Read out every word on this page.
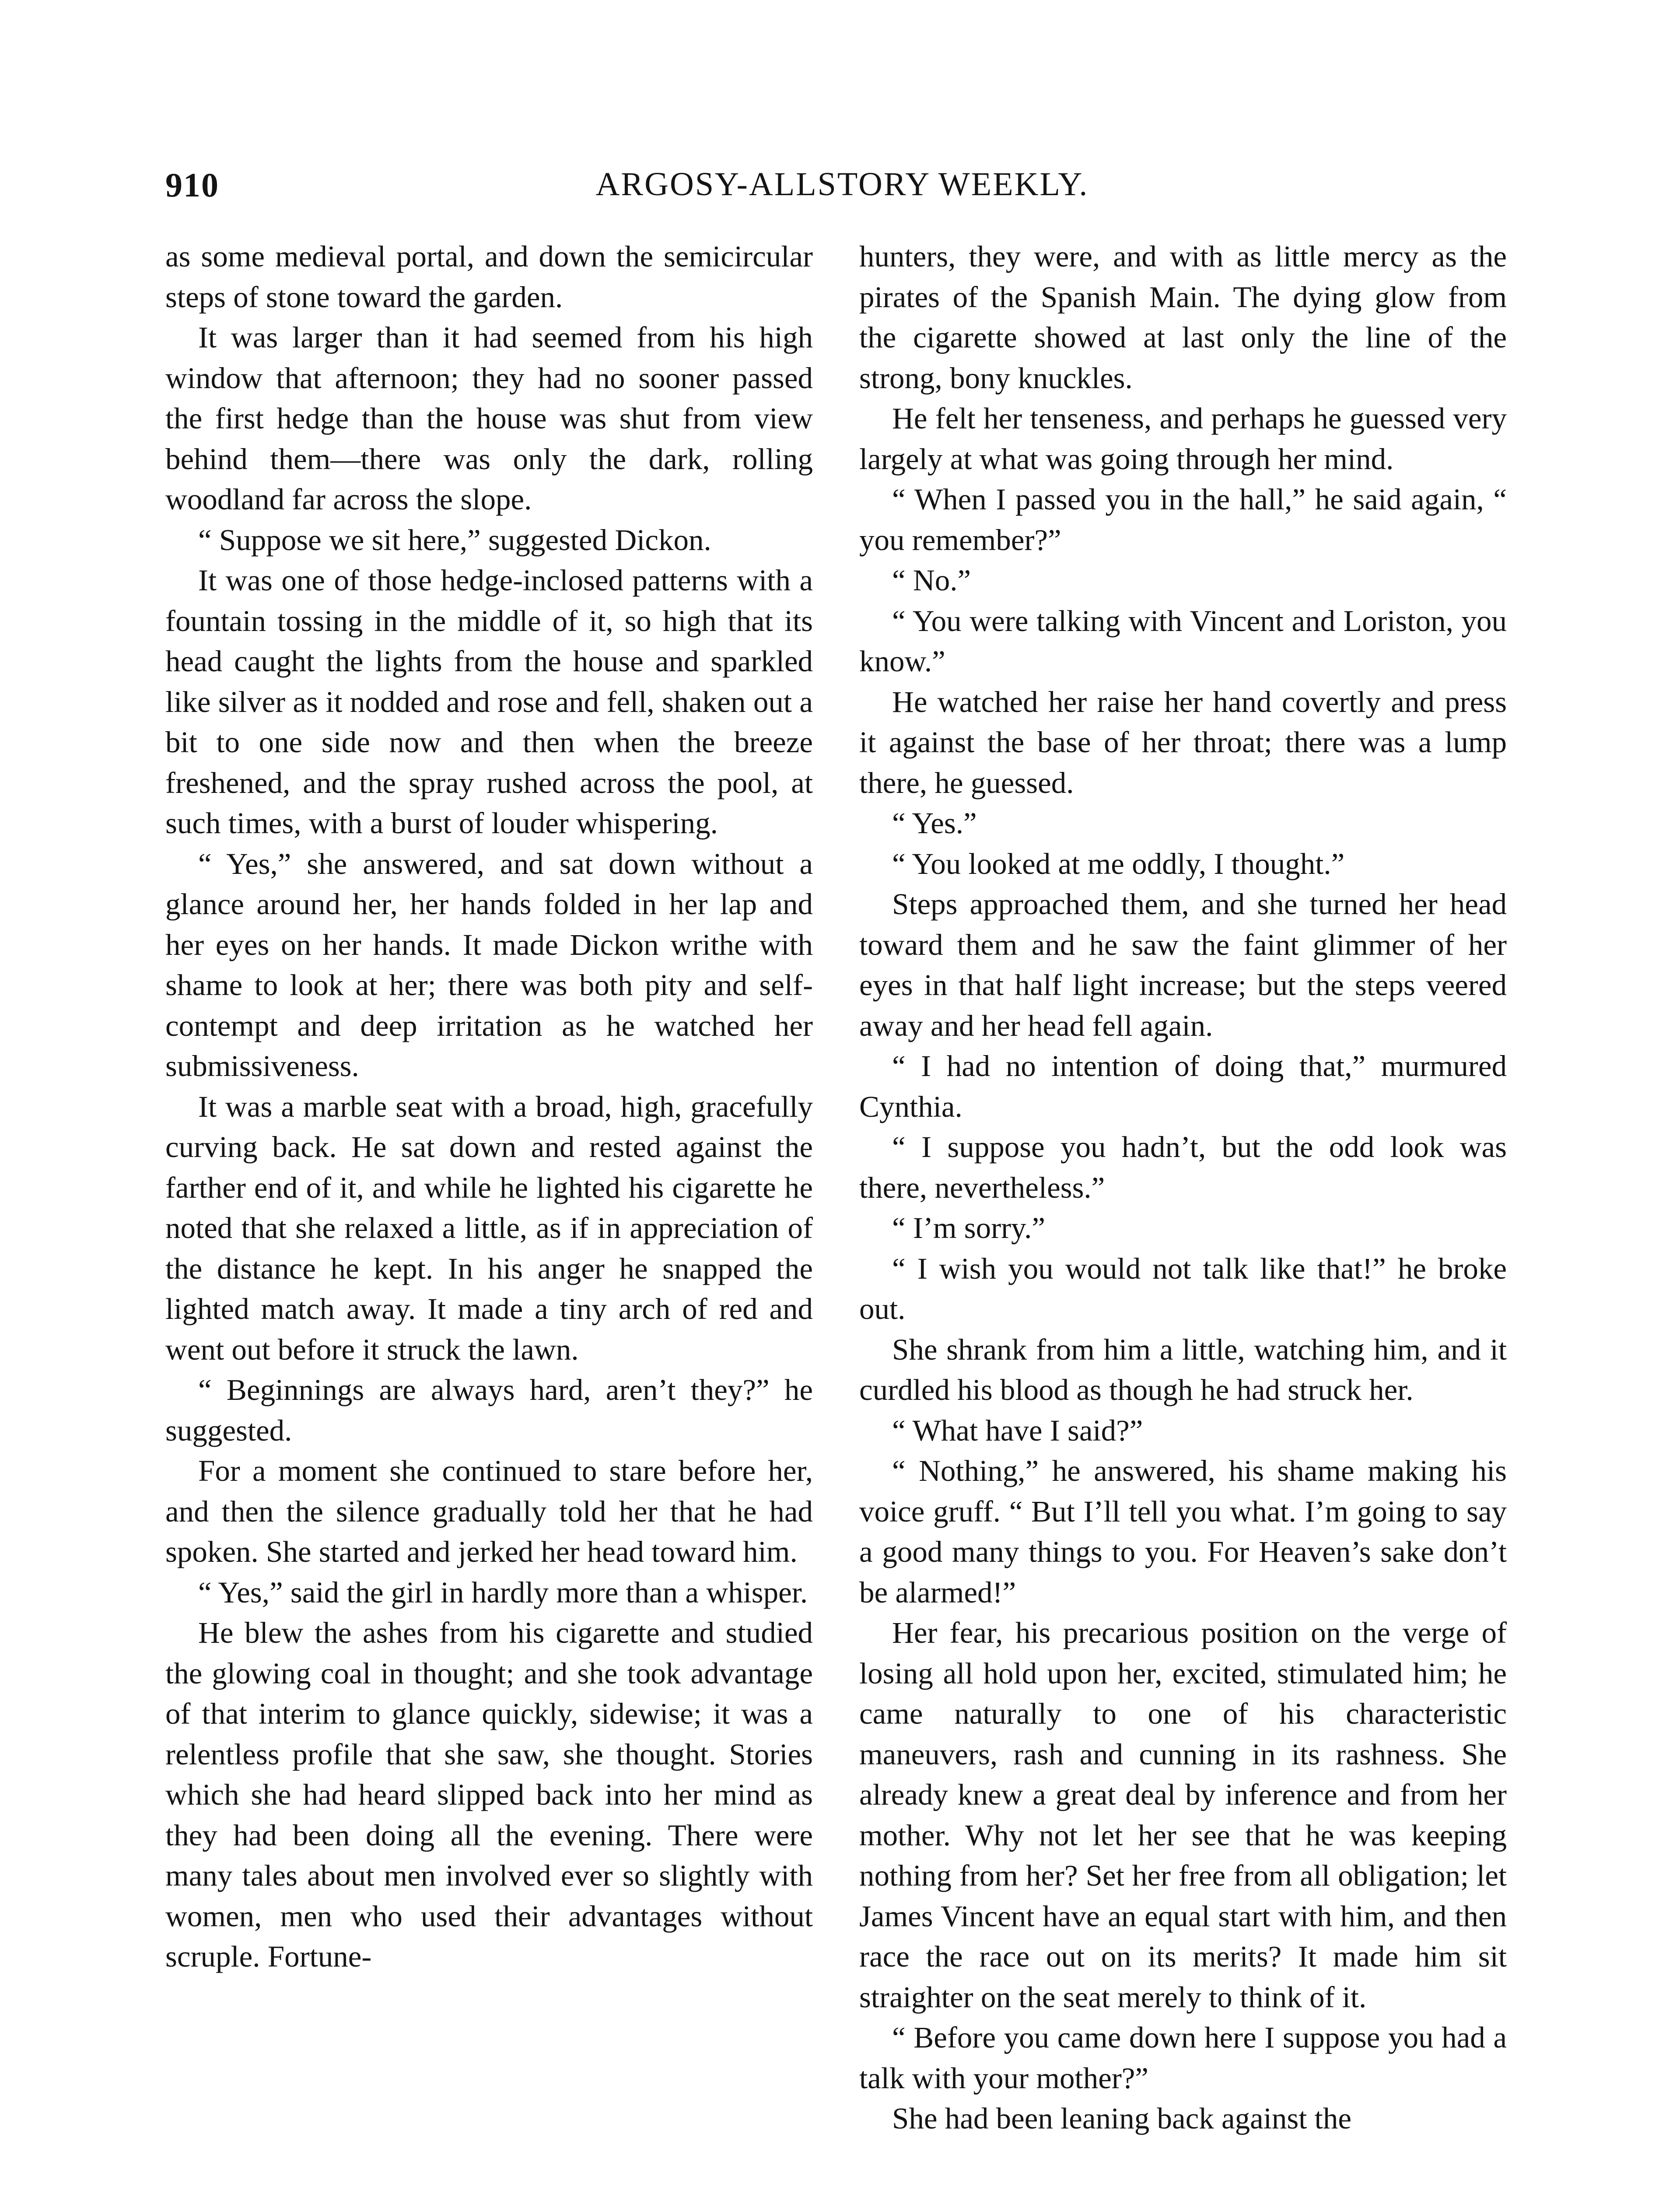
910	ARGOSY-ALLSTORY WEEKLY.

as some medieval portal, and down the semicircular steps of stone toward the garden.

It was larger than it had seemed from his high window that afternoon; they had no sooner passed the first hedge than the house was shut from view behind them—there was only the dark, rolling woodland far across the slope.

“ Suppose we sit here,” suggested Dickon.

It was one of those hedge-inclosed patterns with a fountain tossing in the middle of it, so high that its head caught the lights from the house and sparkled like silver as it nodded and rose and fell, shaken out a bit to one side now and then when the breeze freshened, and the spray rushed across the pool, at such times, with a burst of louder whispering.

“ Yes,” she answered, and sat down without a glance around her, her hands folded in her lap and her eyes on her hands. It made Dickon writhe with shame to look at her; there was both pity and self-contempt and deep irritation as he watched her submissiveness.

It was a marble seat with a broad, high, gracefully curving back. He sat down and rested against the farther end of it, and while he lighted his cigarette he noted that she relaxed a little, as if in appreciation of the distance he kept. In his anger he snapped the lighted match away. It made a tiny arch of red and went out before it struck the lawn.

“ Beginnings are always hard, aren’t they?” he suggested.

For a moment she continued to stare before her, and then the silence gradually told her that he had spoken. She started and jerked her head toward him.

“ Yes,” said the girl in hardly more than a whisper.

He blew the ashes from his cigarette and studied the glowing coal in thought; and she took advantage of that interim to glance quickly, sidewise; it was a relentless profile that she saw, she thought. Stories which she had heard slipped back into her mind as they had been doing all the evening. There were many tales about men involved ever so slightly with women, men who used their advantages without scruple. Fortune-

hunters, they were, and with as little mercy as the pirates of the Spanish Main. The dying glow from the cigarette showed at last only the line of the strong, bony knuckles.

He felt her tenseness, and perhaps he guessed very largely at what was going through her mind.

“ When I passed you in the hall,” he said again, “ you remember?”

“ No.”

“ You were talking with Vincent and Loriston, you know.”

He watched her raise her hand covertly and press it against the base of her throat; there was a lump there, he guessed.

“ Yes.”

“ You looked at me oddly, I thought.”

Steps approached them, and she turned her head toward them and he saw the faint glimmer of her eyes in that half light increase; but the steps veered away and her head fell again.

“ I had no intention of doing that,” murmured Cynthia.

“ I suppose you hadn’t, but the odd look was there, nevertheless.”

“ I’m sorry.”

“ I wish you would not talk like that!” he broke out.

She shrank from him a little, watching him, and it curdled his blood as though he had struck her.

“ What have I said?”

“ Nothing,” he answered, his shame making his voice gruff. “ But I’ll tell you what. I’m going to say a good many things to you. For Heaven’s sake don’t be alarmed!”

Her fear, his precarious position on the verge of losing all hold upon her, excited, stimulated him; he came naturally to one of his characteristic maneuvers, rash and cunning in its rashness. She already knew a great deal by inference and from her mother. Why not let her see that he was keeping nothing from her? Set her free from all obligation; let James Vincent have an equal start with him, and then race the race out on its merits? It made him sit straighter on the seat merely to think of it.

“ Before you came down here I suppose you had a talk with your mother?”

She had been leaning back against the
